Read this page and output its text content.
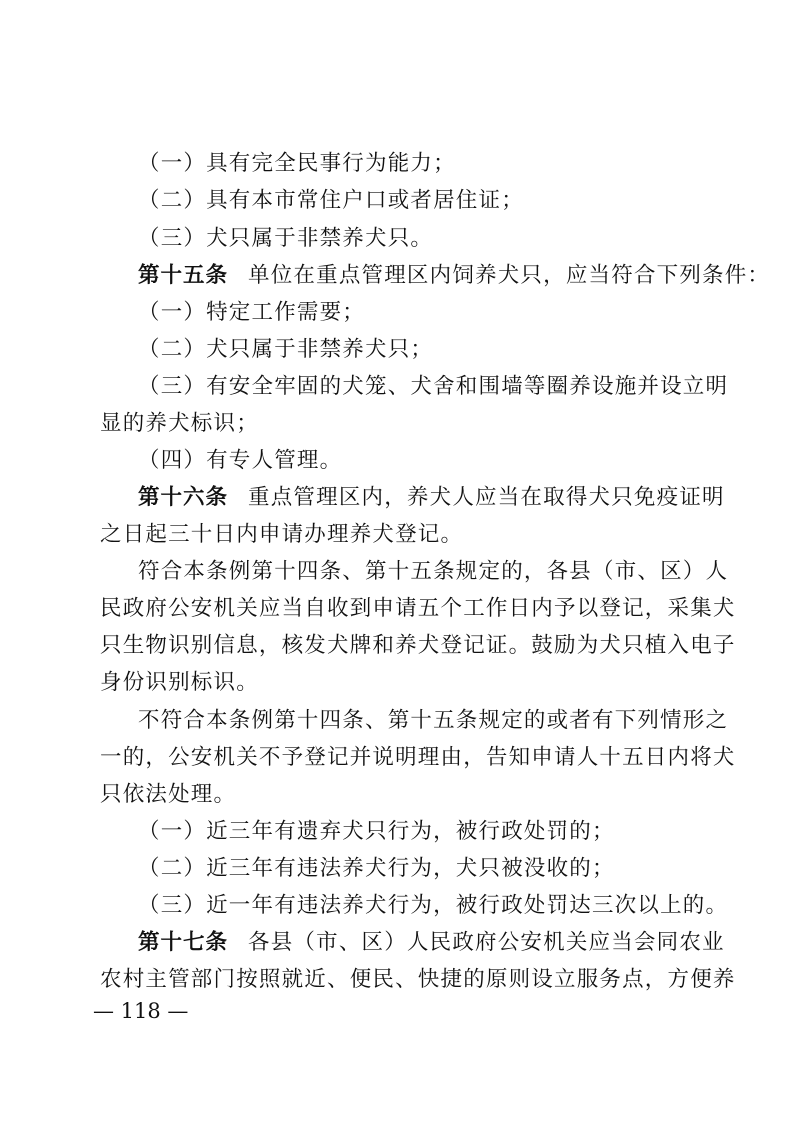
（一）具有完全民事行为能力；
（二）具有本市常住户口或者居住证；
（三）犬只属于非禁养犬只。
第十五条 单位在重点管理区内饲养犬只，应当符合下列条件：
（一）特定工作需要；
（二）犬只属于非禁养犬只；
（三）有安全牢固的犬笼、犬舍和围墙等圈养设施并设立明
显的养犬标识；
（四）有专人管理。
第十六条 重点管理区内，养犬人应当在取得犬只免疫证明
之日起三十日内申请办理养犬登记。
符合本条例第十四条、第十五条规定的，各县（市、区）人
民政府公安机关应当自收到申请五个工作日内予以登记，采集犬
只生物识别信息，核发犬牌和养犬登记证。鼓励为犬只植入电子
身份识别标识。
不符合本条例第十四条、第十五条规定的或者有下列情形之
一的，公安机关不予登记并说明理由，告知申请人十五日内将犬
只依法处理。
（一）近三年有遗弃犬只行为，被行政处罚的；
（二）近三年有违法养犬行为，犬只被没收的；
（三）近一年有违法养犬行为，被行政处罚达三次以上的。
第十七条 各县（市、区）人民政府公安机关应当会同农业
农村主管部门按照就近、便民、快捷的原则设立服务点，方便养
— 118 —
